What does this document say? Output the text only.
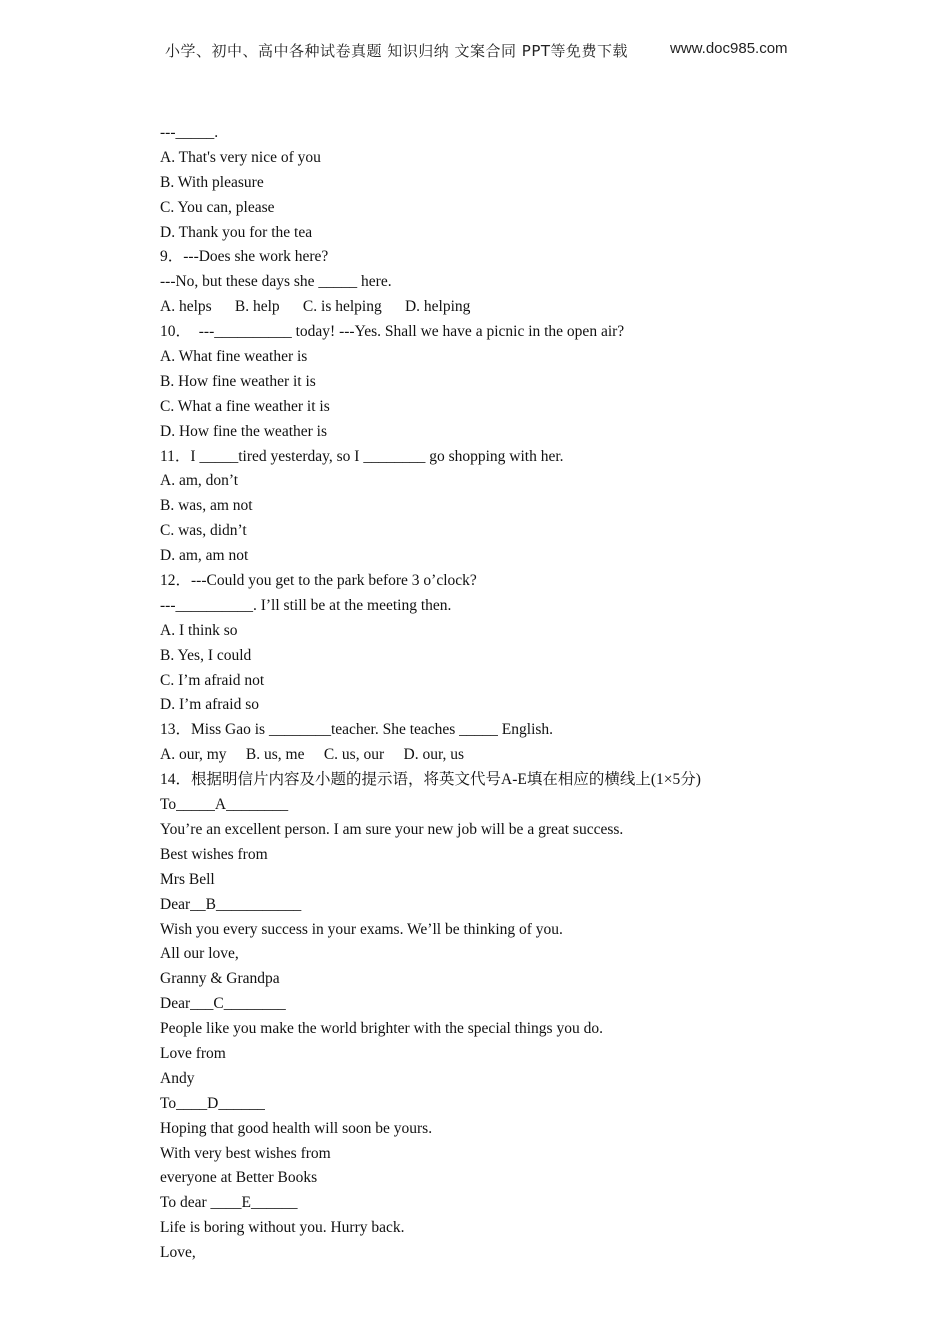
小学、初中、高中各种试卷真题 知识归纳 文案合同 PPT等免费下载	www.doc985.com
---_____.
A. That's very nice of you
B. With pleasure
C. You can, please
D. Thank you for the tea
9．---Does she work here?
---No, but these days she _____ here.
A. helps      B. help      C. is helping      D. helping
10．  ---__________ today! ---Yes. Shall we have a picnic in the open air?
A. What fine weather is
B. How fine weather it is
C. What a fine weather it is
D. How fine the weather is
11．I _____tired yesterday, so I ________ go shopping with her.
A. am, don’t
B. was, am not
C. was, didn’t
D. am, am not
12．---Could you get to the park before 3 o’clock?
---__________. I’ll still be at the meeting then.
A. I think so
B. Yes, I could
C. I’m afraid not
D. I’m afraid so
13．Miss Gao is ________teacher. She teaches _____ English.
A. our, my     B. us, me     C. us, our     D. our, us
14．根据明信片内容及小题的提示语，将英文代号A-E填在相应的横线上(1×5分)
To_____A________
You’re an excellent person. I am sure your new job will be a great success.
Best wishes from
Mrs Bell
Dear__B___________
Wish you every success in your exams. We’ll be thinking of you.
All our love,
Granny & Grandpa
Dear___C________
People like you make the world brighter with the special things you do.
Love from
Andy
To____D______
Hoping that good health will soon be yours.
With very best wishes from
everyone at Better Books
To dear ____E______
Life is boring without you. Hurry back.
Love,
